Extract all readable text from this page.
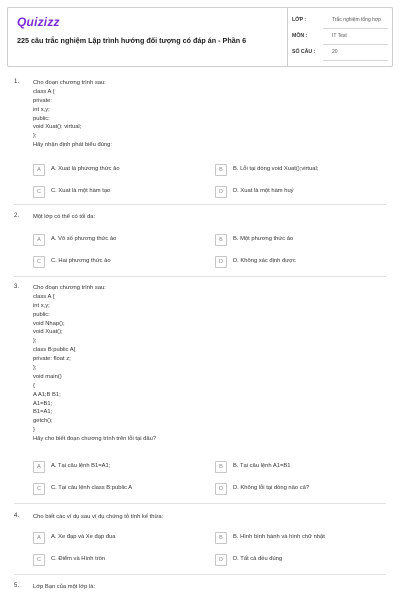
Quizizz
225 câu trắc nghiệm Lập trình hướng đối tượng có đáp án - Phần 6
LỚP :	Trắc nghiệm tổng hợp
MÔN :	IT Test
SỐ CÂU :	20
1. Cho đoạn chương trình sau:
class A {
private:
int x,y;
public:
void Xuat(): virtual;
};
Hãy nhận định phát biểu đúng:
A	A. Xuat là phương thức ảo	B	B. Lỗi tại dòng void Xuat();virtual;
C	C. Xuat là một hàm tạo	D	D. Xuat là một hàm huỷ
2. Một lớp có thể có tối đa:
A	A. Vô số phương thức ảo	B	B. Một phương thức ảo
C	C. Hai phương thức ảo	D	D. Không xác định được
3. Cho đoạn chương trình sau:
class A {
int x,y;
public:
void Nhap();
void Xuat();
};
class B:public A{
private: float z;
};
void main()
{
A A1;B B1;
A1=B1;
B1=A1;
getch();
}
Hãy cho biết đoạn chương trình trên lỗi tại đâu?
A	A. Tại câu lệnh B1=A1;	B	B. Tại câu lệnh A1=B1
C	C. Tại câu lệnh class B:public A	D	D. Không lỗi tại dòng nào cả?
4. Cho biết các ví dụ sau ví dụ chứng tỏ tính kế thừa:
A	A. Xe đạp và Xe đạp đua	B	B. Hình bình hành và hình chữ nhật
C	C. Điểm và Hình tròn	D	D. Tất cả đều đúng
5. Lớp Bạn của một lớp là:
